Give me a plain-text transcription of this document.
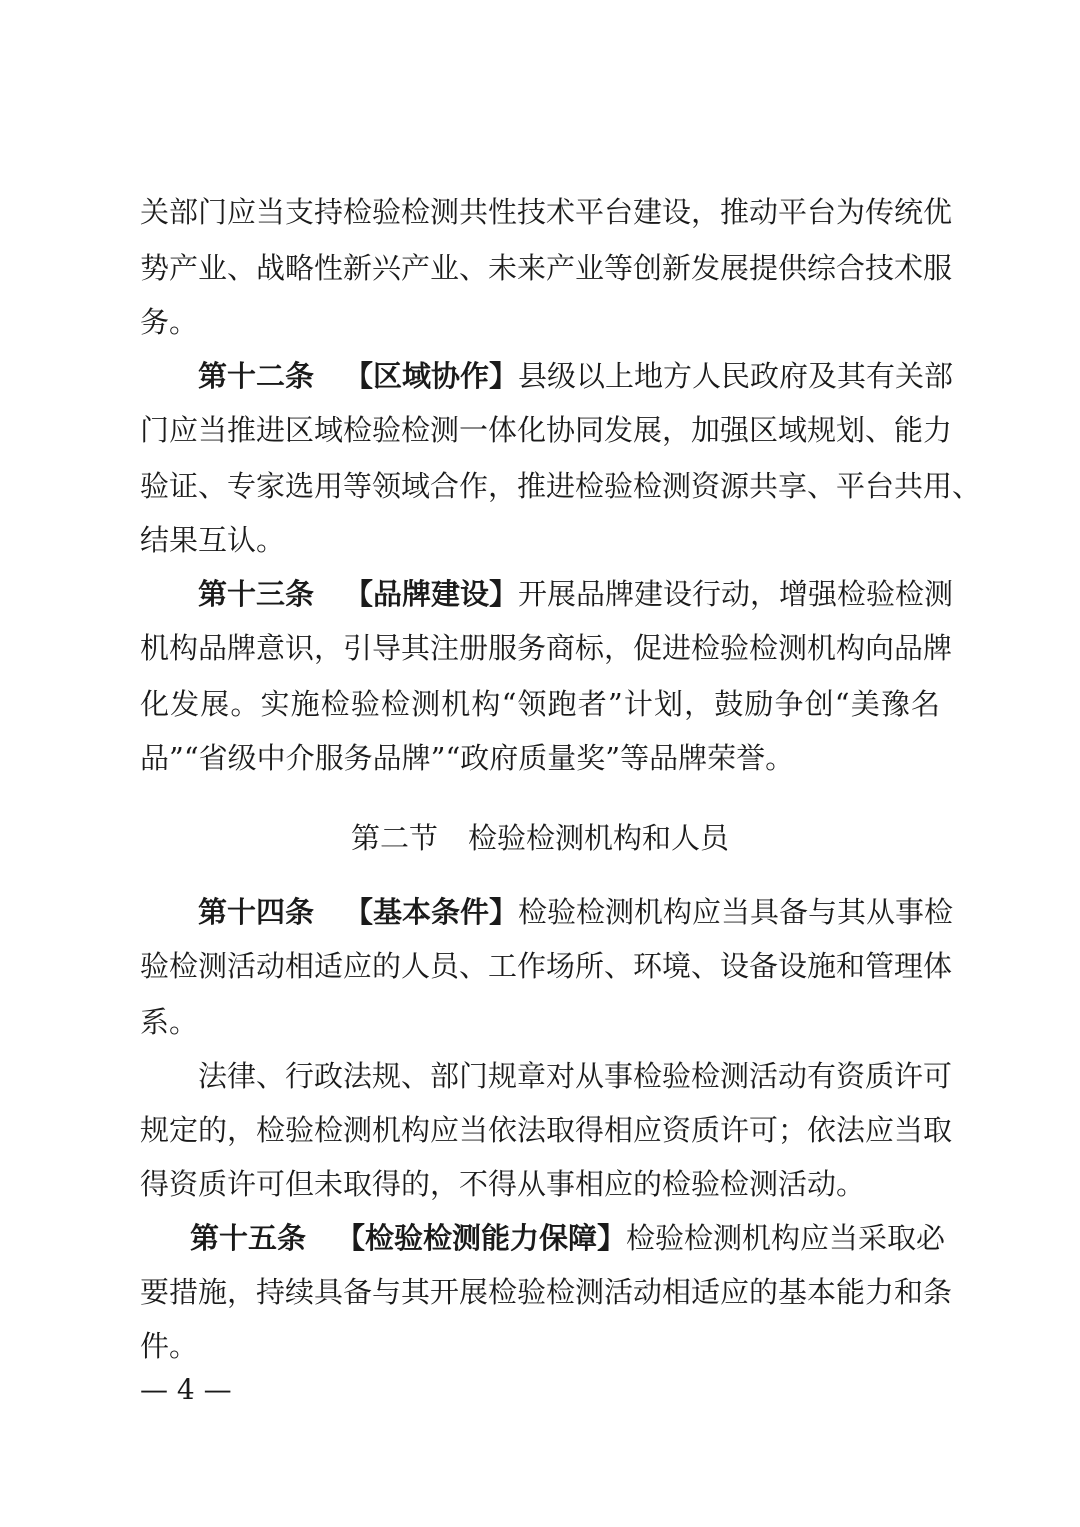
关部门应当支持检验检测共性技术平台建设，推动平台为传统优
势产业、战略性新兴产业、未来产业等创新发展提供综合技术服
务。
第十二条 【区域协作】县级以上地方人民政府及其有关部
门应当推进区域检验检测一体化协同发展，加强区域规划、能力
验证、专家选用等领域合作，推进检验检测资源共享、平台共用、
结果互认。
第十三条 【品牌建设】开展品牌建设行动，增强检验检测
机构品牌意识，引导其注册服务商标，促进检验检测机构向品牌
化发展。实施检验检测机构“领跑者”计划，鼓励争创“美豫名
品”“省级中介服务品牌”“政府质量奖”等品牌荣誉。
第二节 检验检测机构和人员
第十四条 【基本条件】检验检测机构应当具备与其从事检
验检测活动相适应的人员、工作场所、环境、设备设施和管理体
系。
法律、行政法规、部门规章对从事检验检测活动有资质许可
规定的，检验检测机构应当依法取得相应资质许可；依法应当取
得资质许可但未取得的，不得从事相应的检验检测活动。
第十五条 【检验检测能力保障】检验检测机构应当采取必
要措施，持续具备与其开展检验检测活动相适应的基本能力和条
件。
— 4 —
